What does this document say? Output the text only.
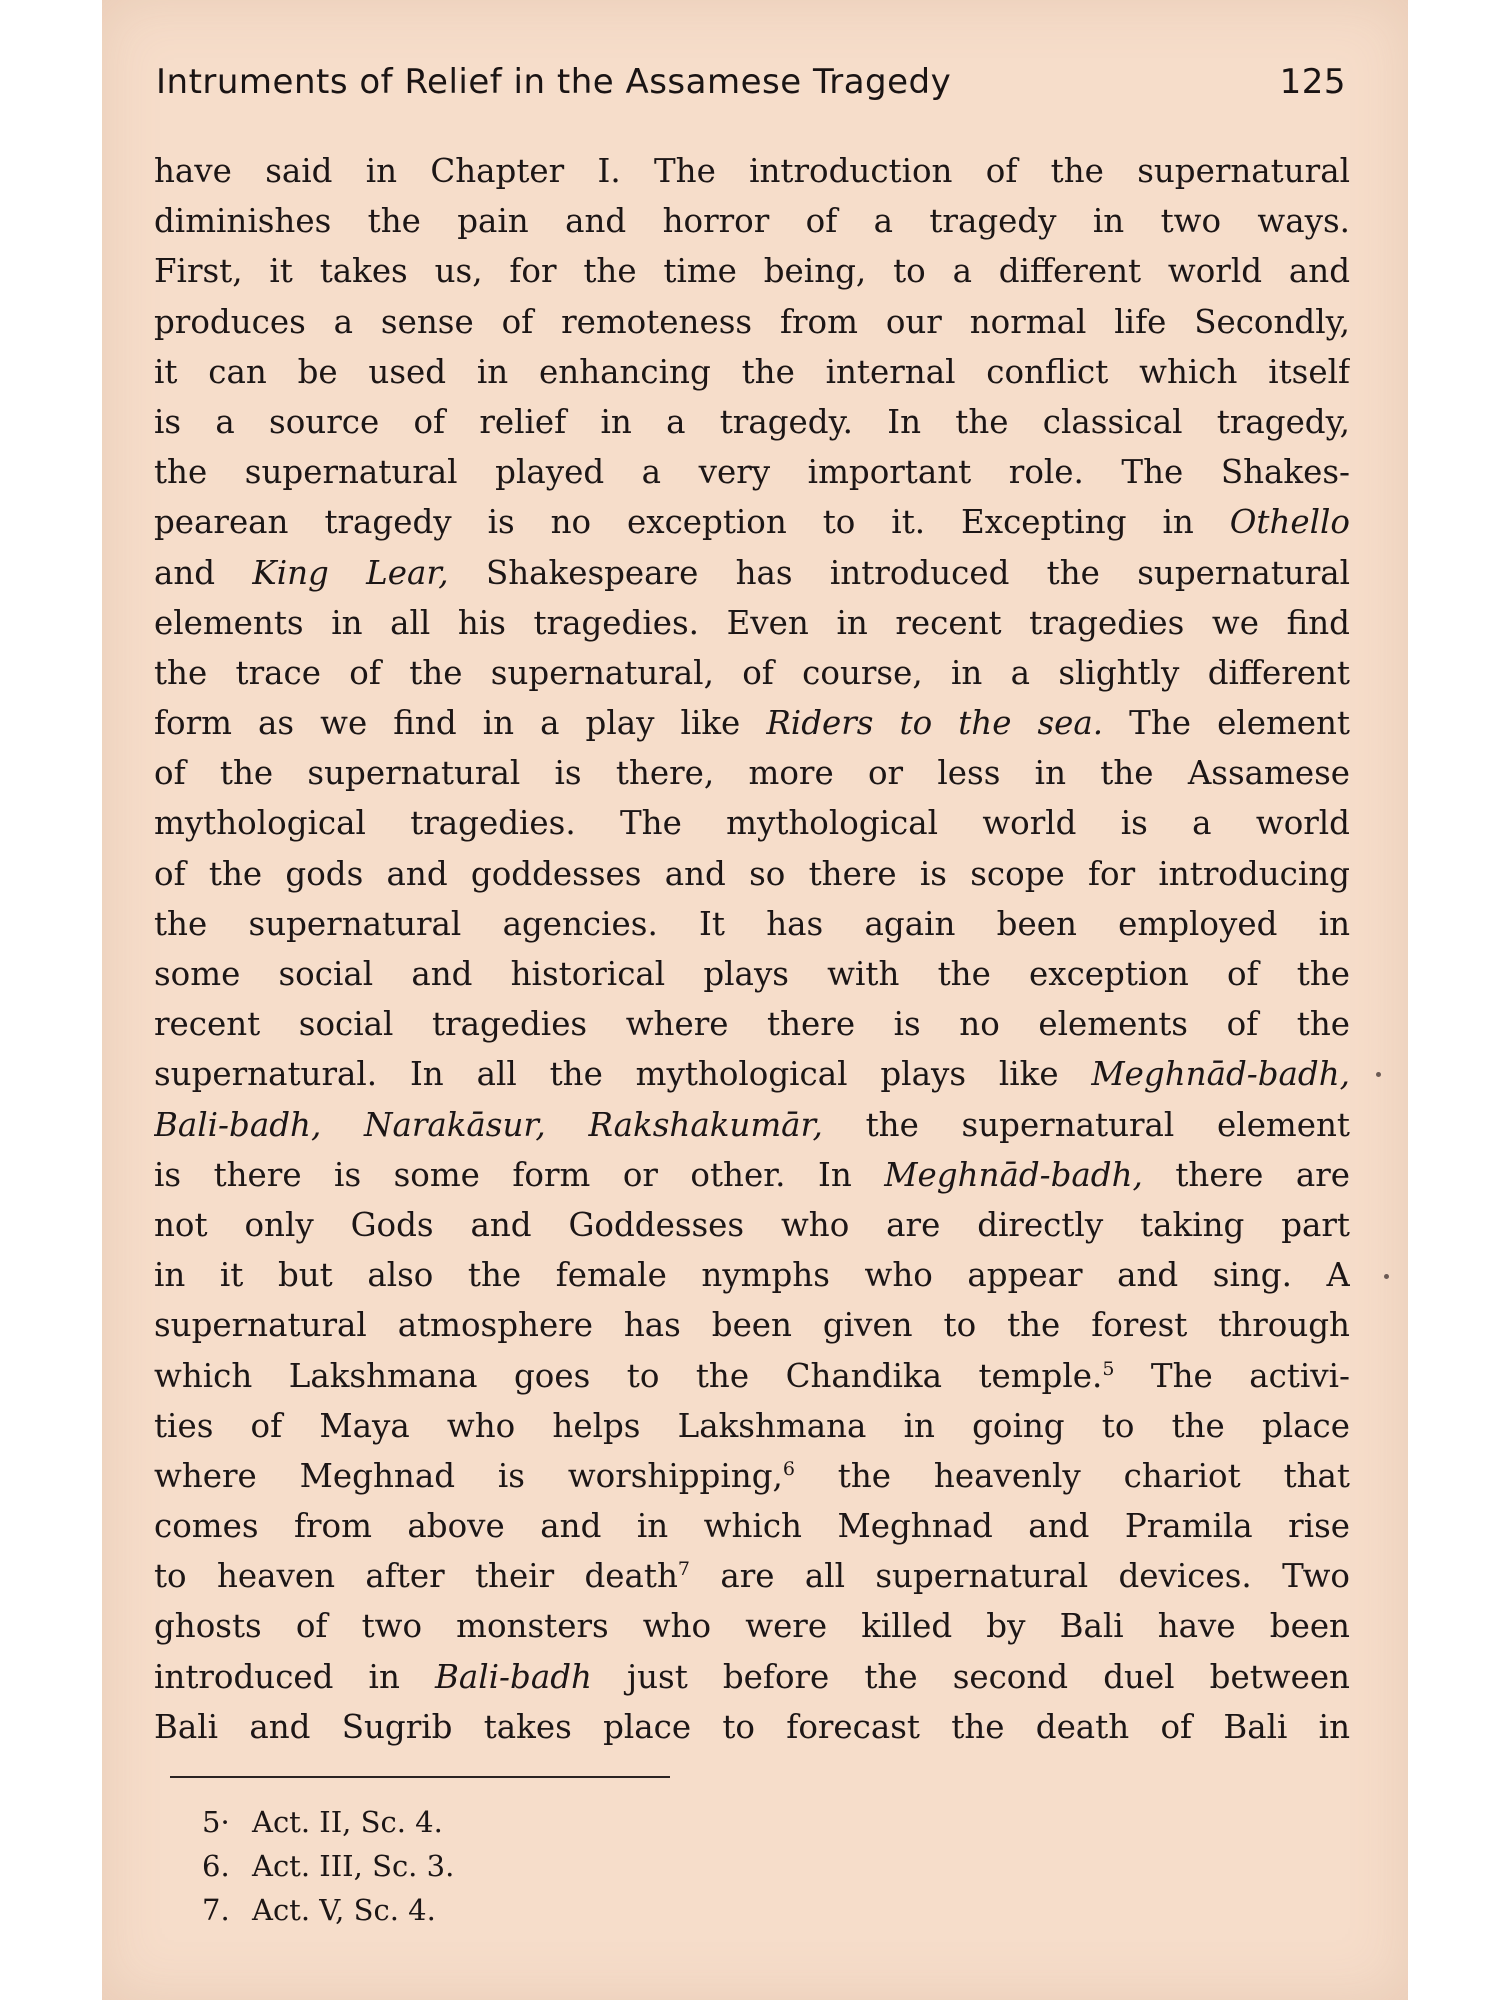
Intruments of Relief in the Assamese Tragedy	125
have said in Chapter I. The introduction of the supernatural
diminishes the pain and horror of a tragedy in two ways.
First, it takes us, for the time being, to a different world and
produces a sense of remoteness from our normal life Secondly,
it can be used in enhancing the internal conflict which itself
is a source of relief in a tragedy. In the classical tragedy,
the supernatural played a very important role. The Shakes-
pearean tragedy is no exception to it. Excepting in Othello
and King Lear, Shakespeare has introduced the supernatural
elements in all his tragedies. Even in recent tragedies we find
the trace of the supernatural, of course, in a slightly different
form as we find in a play like Riders to the sea. The element
of the supernatural is there, more or less in the Assamese
mythological tragedies. The mythological world is a world
of the gods and goddesses and so there is scope for introducing
the supernatural agencies. It has again been employed in
some social and historical plays with the exception of the
recent social tragedies where there is no elements of the
supernatural. In all the mythological plays like Meghnād-badh,
Bali-badh, Narakāsur, Rakshakumār, the supernatural element
is there is some form or other. In Meghnād-badh, there are
not only Gods and Goddesses who are directly taking part
in it but also the female nymphs who appear and sing. A
supernatural atmosphere has been given to the forest through
which Lakshmana goes to the Chandika temple.$^5$ The activi-
ties of Maya who helps Lakshmana in going to the place
where Meghnad is worshipping,$^6$ the heavenly chariot that
comes from above and in which Meghnad and Pramila rise
to heaven after their death$^7$ are all supernatural devices. Two
ghosts of two monsters who were killed by Bali have been
introduced in Bali-badh just before the second duel between
Bali and Sugrib takes place to forecast the death of Bali in
5· Act. II, Sc. 4.
6. Act. III, Sc. 3.
7. Act. V, Sc. 4.
